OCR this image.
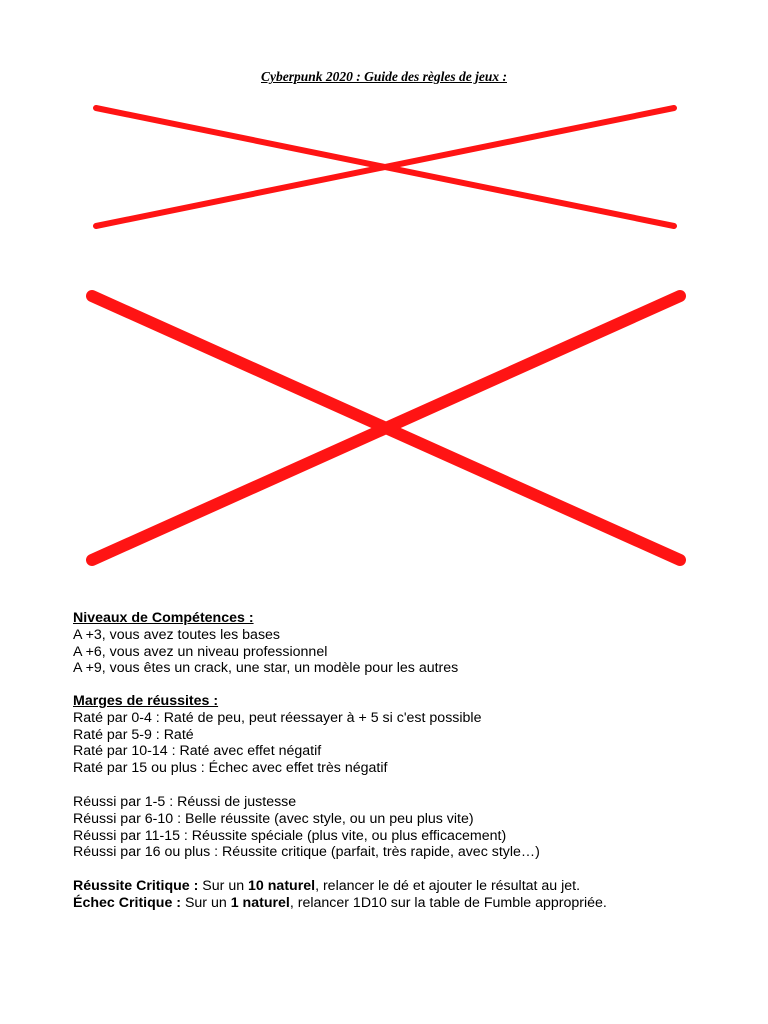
Cyberpunk 2020 : Guide des règles de jeux :
Niveaux de Compétences :
A +3, vous avez toutes les bases
A +6, vous avez un niveau professionnel
A +9, vous êtes un crack, une star, un modèle pour les autres
Marges de réussites :
Raté par 0-4 : Raté de peu, peut réessayer à + 5 si c'est possible
Raté par 5-9 : Raté
Raté par 10-14 : Raté avec effet négatif
Raté par 15 ou plus : Échec avec effet très négatif
Réussi par 1-5 : Réussi de justesse
Réussi par 6-10 : Belle réussite (avec style, ou un peu plus vite)
Réussi par 11-15 : Réussite spéciale (plus vite, ou plus efficacement)
Réussi par 16 ou plus : Réussite critique (parfait, très rapide, avec style…)
Réussite Critique : Sur un 10 naturel, relancer le dé et ajouter le résultat au jet.
Échec Critique : Sur un 1 naturel, relancer 1D10 sur la table de Fumble appropriée.
